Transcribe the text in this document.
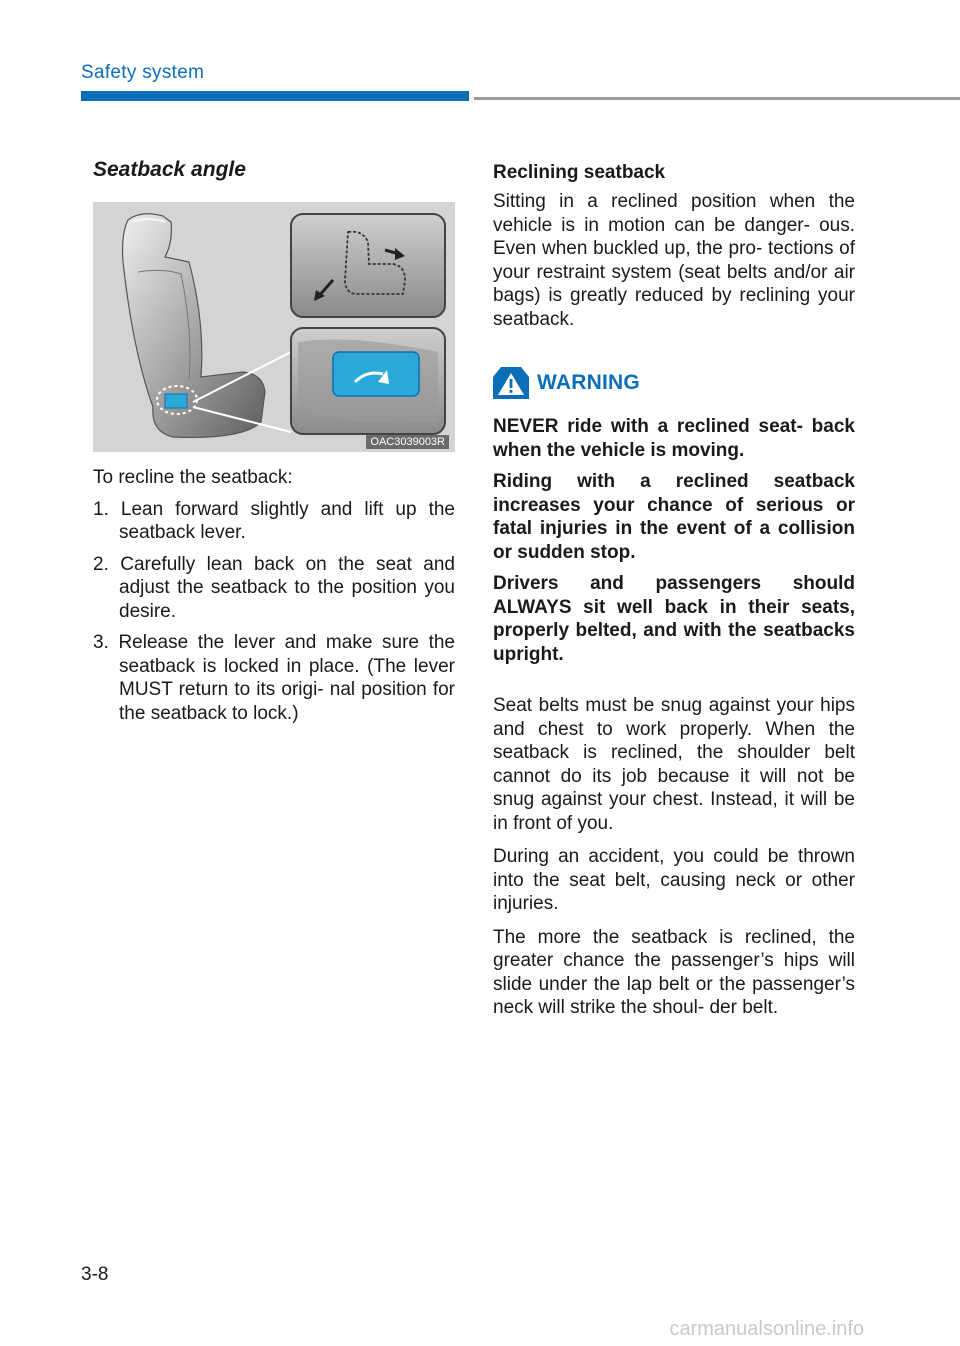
Safety system
Seatback angle
OAC3039003R

To recline the seatback:

1. Lean forward slightly and lift up the seatback lever.
2. Carefully lean back on the seat and adjust the seatback to the position you desire.
3. Release the lever and make sure the seatback is locked in place. (The lever MUST return to its origi- nal position for the seatback to lock.)
Reclining seatback

Sitting in a reclined position when the vehicle is in motion can be danger- ous. Even when buckled up, the pro- tections of your restraint system (seat belts and/or air bags) is greatly reduced by reclining your seatback.

WARNING

NEVER ride with a reclined seat- back when the vehicle is moving.

Riding with a reclined seatback increases your chance of serious or fatal injuries in the event of a collision or sudden stop.

Drivers and passengers should ALWAYS sit well back in their seats, properly belted, and with the seatbacks upright.

Seat belts must be snug against your hips and chest to work properly. When the seatback is reclined, the shoulder belt cannot do its job because it will not be snug against your chest. Instead, it will be in front of you.

During an accident, you could be thrown into the seat belt, causing neck or other injuries.

The more the seatback is reclined, the greater chance the passenger’s hips will slide under the lap belt or the passenger’s neck will strike the shoul- der belt.

3-8
carmanualsonline.info
